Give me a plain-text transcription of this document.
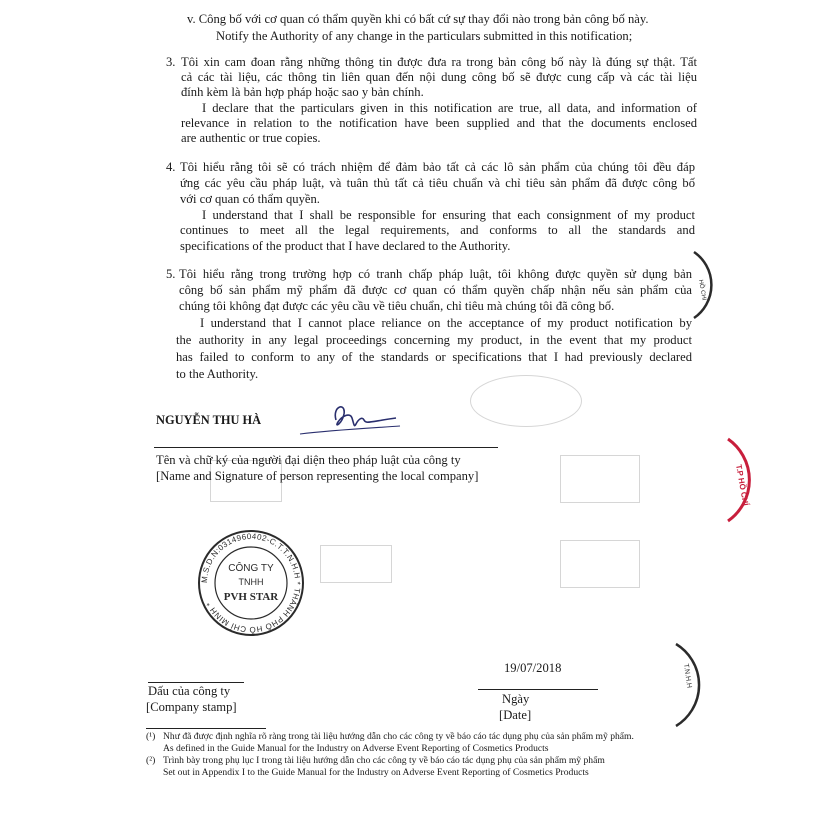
v. Công bố với cơ quan có thẩm quyền khi có bất cứ sự thay đổi nào trong bản công bố này.
Notify the Authority of any change in the particulars submitted in this notification;
3. Tôi xin cam đoan rằng những thông tin được đưa ra trong bản công bố này là đúng sự thật. Tất
cả các tài liệu, các thông tin liên quan đến nội dung công bố sẽ được cung cấp và các tài liệu
đính kèm là bản hợp pháp hoặc sao y bản chính.
I declare that the particulars given in this notification are true, all data, and information of
relevance in relation to the notification have been supplied and that the documents enclosed
are authentic or true copies.
4. Tôi hiểu rằng tôi sẽ có trách nhiệm để đảm bảo tất cả các lô sản phẩm của chúng tôi đều đáp
ứng các yêu cầu pháp luật, và tuân thủ tất cả tiêu chuẩn và chỉ tiêu sản phẩm đã được công bố
với cơ quan có thẩm quyền.
I understand that I shall be responsible for ensuring that each consignment of my product
continues to meet all the legal requirements, and conforms to all the standards and
specifications of the product that I have declared to the Authority.
5. Tôi hiểu rằng trong trường hợp có tranh chấp pháp luật, tôi không được quyền sử dụng bản
công bố sản phẩm mỹ phẩm đã được cơ quan có thẩm quyền chấp nhận nếu sản phẩm của
chúng tôi không đạt được các yêu cầu về tiêu chuẩn, chỉ tiêu mà chúng tôi đã công bố.
I understand that I cannot place reliance on the acceptance of my product notification by
the authority in any legal proceedings concerning my product, in the event that my product
has failed to conform to any of the standards or specifications that I had previously declared
to the Authority.
NGUYỄN THU HÀ
Tên và chữ ký của người đại diện theo pháp luật của công ty
[Name and Signature of person representing the local company]
M.S.D.N:0314960402-C.T.T.N.H.H * THÀNH PHỐ HỒ CHÍ MINH *
CÔNG TY
TNHH
PVH STAR
19/07/2018
Ngày
[Date]
Dấu của công ty
[Company stamp]
(¹) Như đã được định nghĩa rõ ràng trong tài liệu hướng dẫn cho các công ty về báo cáo tác dụng phụ của sản phẩm mỹ phẩm.
As defined in the Guide Manual for the Industry on Adverse Event Reporting of Cosmetics Products
(²) Trình bày trong phụ lục I trong tài liệu hướng dẫn cho các công ty về báo cáo tác dụng phụ của sản phẩm mỹ phẩm
Set out in Appendix I to the Guide Manual for the Industry on Adverse Event Reporting of Cosmetics Products
HỒ CHÍ
T.P HỒ CHÍ
T.N.H.H
